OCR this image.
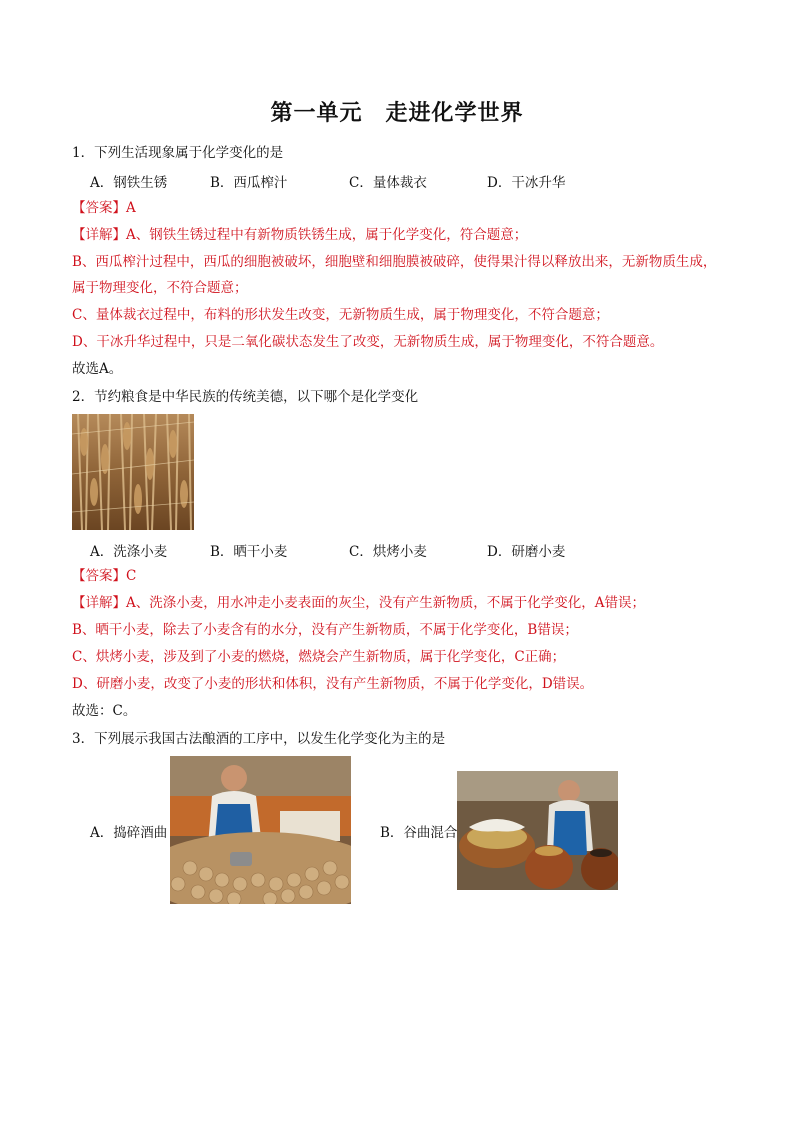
第一单元　走进化学世界
1．下列生活现象属于化学变化的是
A．钢铁生锈	B．西瓜榨汁	C．量体裁衣	D．干冰升华
【答案】A
【详解】A、钢铁生锈过程中有新物质铁锈生成，属于化学变化，符合题意；
B、西瓜榨汁过程中，西瓜的细胞被破坏，细胞壁和细胞膜被破碎，使得果汁得以释放出来，无新物质生成，
属于物理变化，不符合题意；
C、量体裁衣过程中，布料的形状发生改变，无新物质生成，属于物理变化，不符合题意；
D、干冰升华过程中，只是二氧化碳状态发生了改变，无新物质生成，属于物理变化，不符合题意。
故选A。
2．节约粮食是中华民族的传统美德，以下哪个是化学变化
A．洗涤小麦	B．晒干小麦	C．烘烤小麦	D．研磨小麦
【答案】C
【详解】A、洗涤小麦，用水冲走小麦表面的灰尘，没有产生新物质，不属于化学变化，A错误；
B、晒干小麦，除去了小麦含有的水分，没有产生新物质，不属于化学变化，B错误；
C、烘烤小麦，涉及到了小麦的燃烧，燃烧会产生新物质，属于化学变化，C正确；
D、研磨小麦，改变了小麦的形状和体积，没有产生新物质，不属于化学变化，D错误。
故选：C。
3．下列展示我国古法酿酒的工序中，以发生化学变化为主的是
A．捣碎酒曲	B．谷曲混合
